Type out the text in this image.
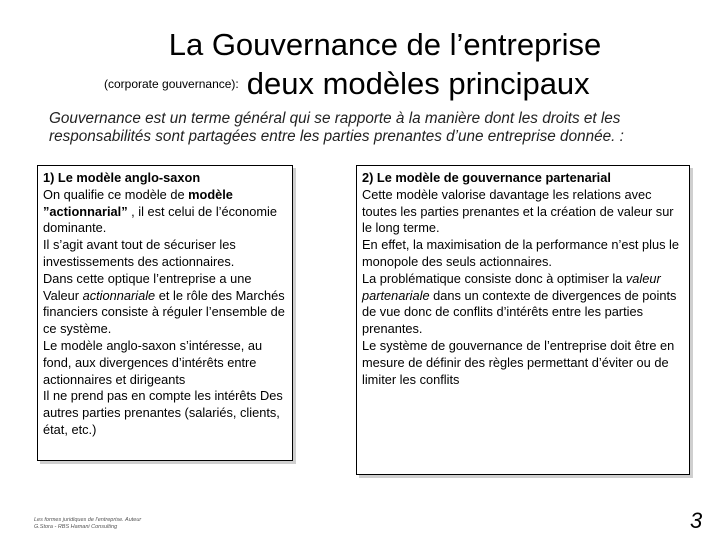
La Gouvernance de l’entreprise
(corporate gouvernance): deux modèles principaux
Gouvernance est un terme général qui se rapporte à la manière dont les droits et les responsabilités sont partagées entre les parties prenantes d’une entreprise donnée. :

1) Le modèle anglo-saxon

On qualifie ce modèle de modèle ”actionnarial” , il est celui de l’économie dominante.

Il s’agit avant tout de sécuriser les investissements des actionnaires.

Dans cette optique l’entreprise a une Valeur actionnariale et le rôle des Marchés financiers consiste à réguler l’ensemble de ce système.

Le modèle anglo-saxon s’intéresse, au fond, aux divergences d’intérêts entre actionnaires et dirigeants

Il ne prend pas en compte les intérêts Des autres parties prenantes (salariés, clients, état, etc.)

2) Le modèle de gouvernance partenarial

Cette modèle valorise davantage les relations avec toutes les parties prenantes et la création de valeur sur le long terme.

En effet, la maximisation de la performance n’est plus le monopole des seuls actionnaires.

La problématique consiste donc à optimiser la valeur partenariale dans un contexte de divergences de points de vue donc de conflits d’intérêts entre les parties prenantes.

Le système de gouvernance de l’entreprise doit être en mesure de définir des règles permettant d’éviter ou de limiter les conflits

Les formes juridiques de l'entreprise. Auteur G.Stora - RBS Hamani Consulting	3
